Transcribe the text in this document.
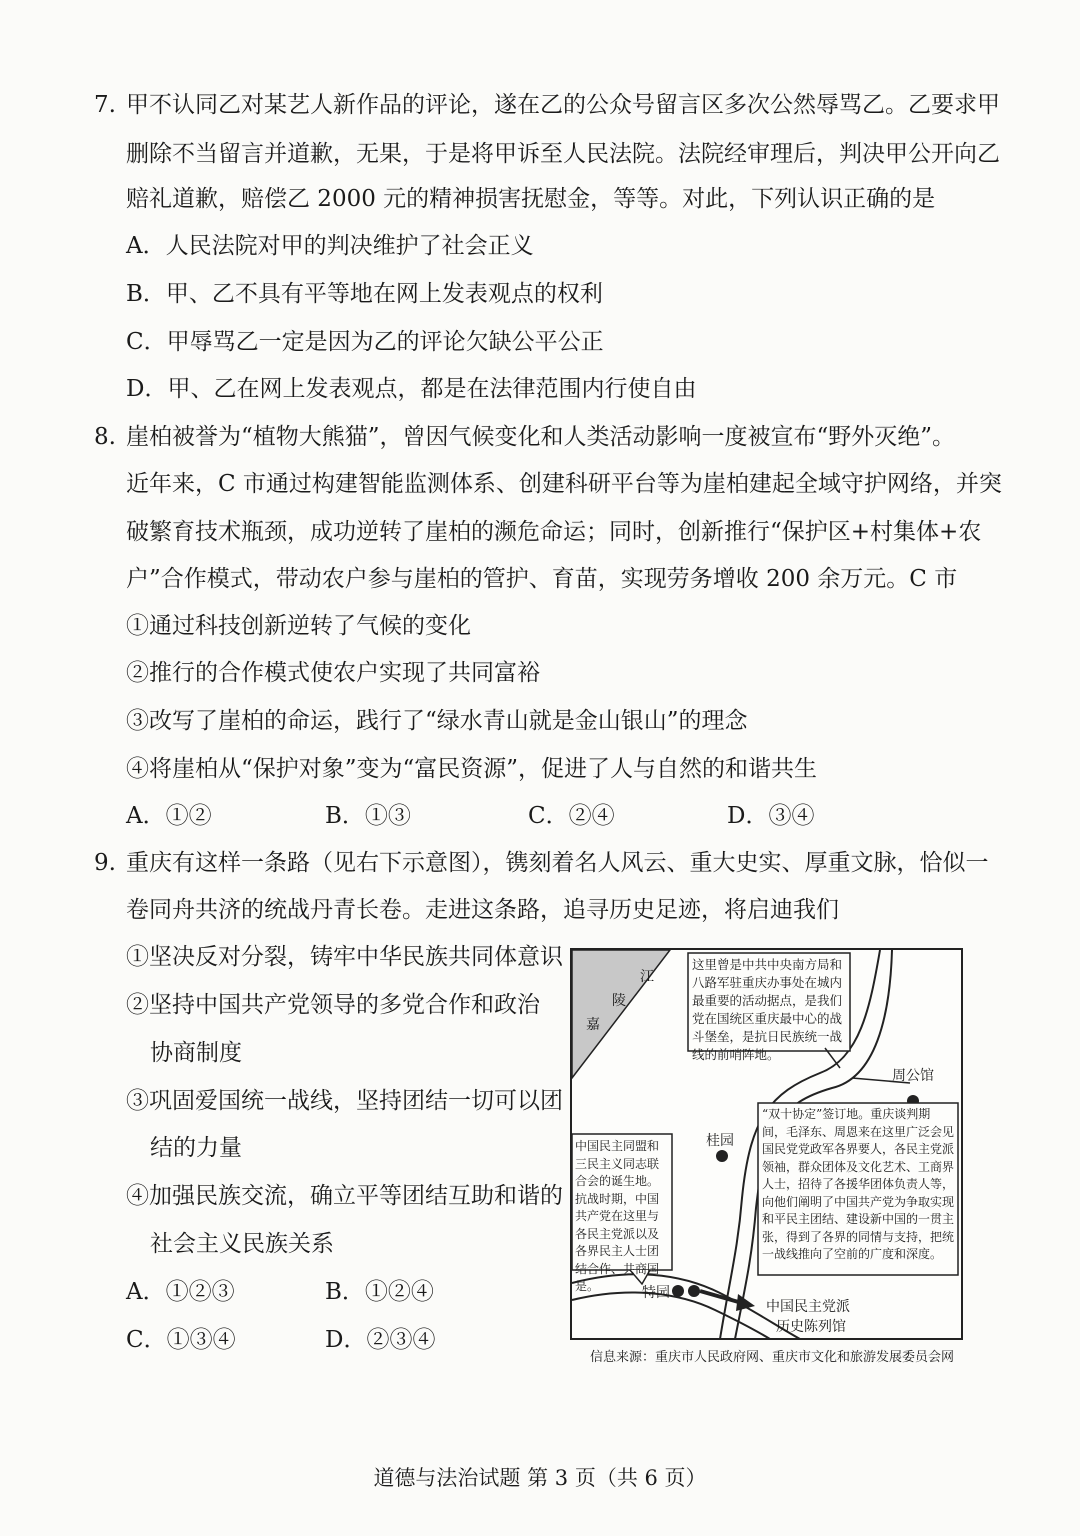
7. 甲不认同乙对某艺人新作品的评论，遂在乙的公众号留言区多次公然辱骂乙。乙要求甲
删除不当留言并道歉，无果，于是将甲诉至人民法院。法院经审理后，判决甲公开向乙
赔礼道歉，赔偿乙 2000 元的精神损害抚慰金，等等。对此，下列认识正确的是
A．人民法院对甲的判决维护了社会正义
B．甲、乙不具有平等地在网上发表观点的权利
C．甲辱骂乙一定是因为乙的评论欠缺公平公正
D．甲、乙在网上发表观点，都是在法律范围内行使自由
8. 崖柏被誉为“植物大熊猫”，曾因气候变化和人类活动影响一度被宣布“野外灭绝”。
近年来，C 市通过构建智能监测体系、创建科研平台等为崖柏建起全域守护网络，并突
破繁育技术瓶颈，成功逆转了崖柏的濒危命运；同时，创新推行“保护区+村集体+农
户”合作模式，带动农户参与崖柏的管护、育苗，实现劳务增收 200 余万元。C 市
①通过科技创新逆转了气候的变化
②推行的合作模式使农户实现了共同富裕
③改写了崖柏的命运，践行了“绿水青山就是金山银山”的理念
④将崖柏从“保护对象”变为“富民资源”，促进了人与自然的和谐共生
A．①②	B．①③	C．②④	D．③④
9. 重庆有这样一条路（见右下示意图），镌刻着名人风云、重大史实、厚重文脉，恰似一
卷同舟共济的统战丹青长卷。走进这条路，追寻历史足迹，将启迪我们
①坚决反对分裂，铸牢中华民族共同体意识
②坚持中国共产党领导的多党合作和政治
协商制度
③巩固爱国统一战线，坚持团结一切可以团
结的力量
④加强民族交流，确立平等团结互助和谐的
社会主义民族关系
A．①②③	B．①②④
C．①③④	D．②③④
江
陵
嘉
这里曾是中共中央南方局和八路军驻重庆办事处在城内最重要的活动据点，是我们党在国统区重庆最中心的战斗堡垒，是抗日民族统一战线的前哨阵地。
“双十协定”签订地。重庆谈判期间，毛泽东、周恩来在这里广泛会见国民党党政军各界要人，各民主党派领袖，群众团体及文化艺术、工商界人士，招待了各援华团体负责人等，向他们阐明了中国共产党为争取实现和平民主团结、建设新中国的一贯主张，得到了各界的同情与支持，把统一战线推向了空前的广度和深度。
中国民主同盟和三民主义同志联合会的诞生地。抗战时期，中国共产党在这里与各民主党派以及各界民主人士团结合作、共商国是。
周公馆
桂园
特园
中国民主党派
历史陈列馆
信息来源：重庆市人民政府网、重庆市文化和旅游发展委员会网
道德与法治试题 第 3 页（共 6 页）
